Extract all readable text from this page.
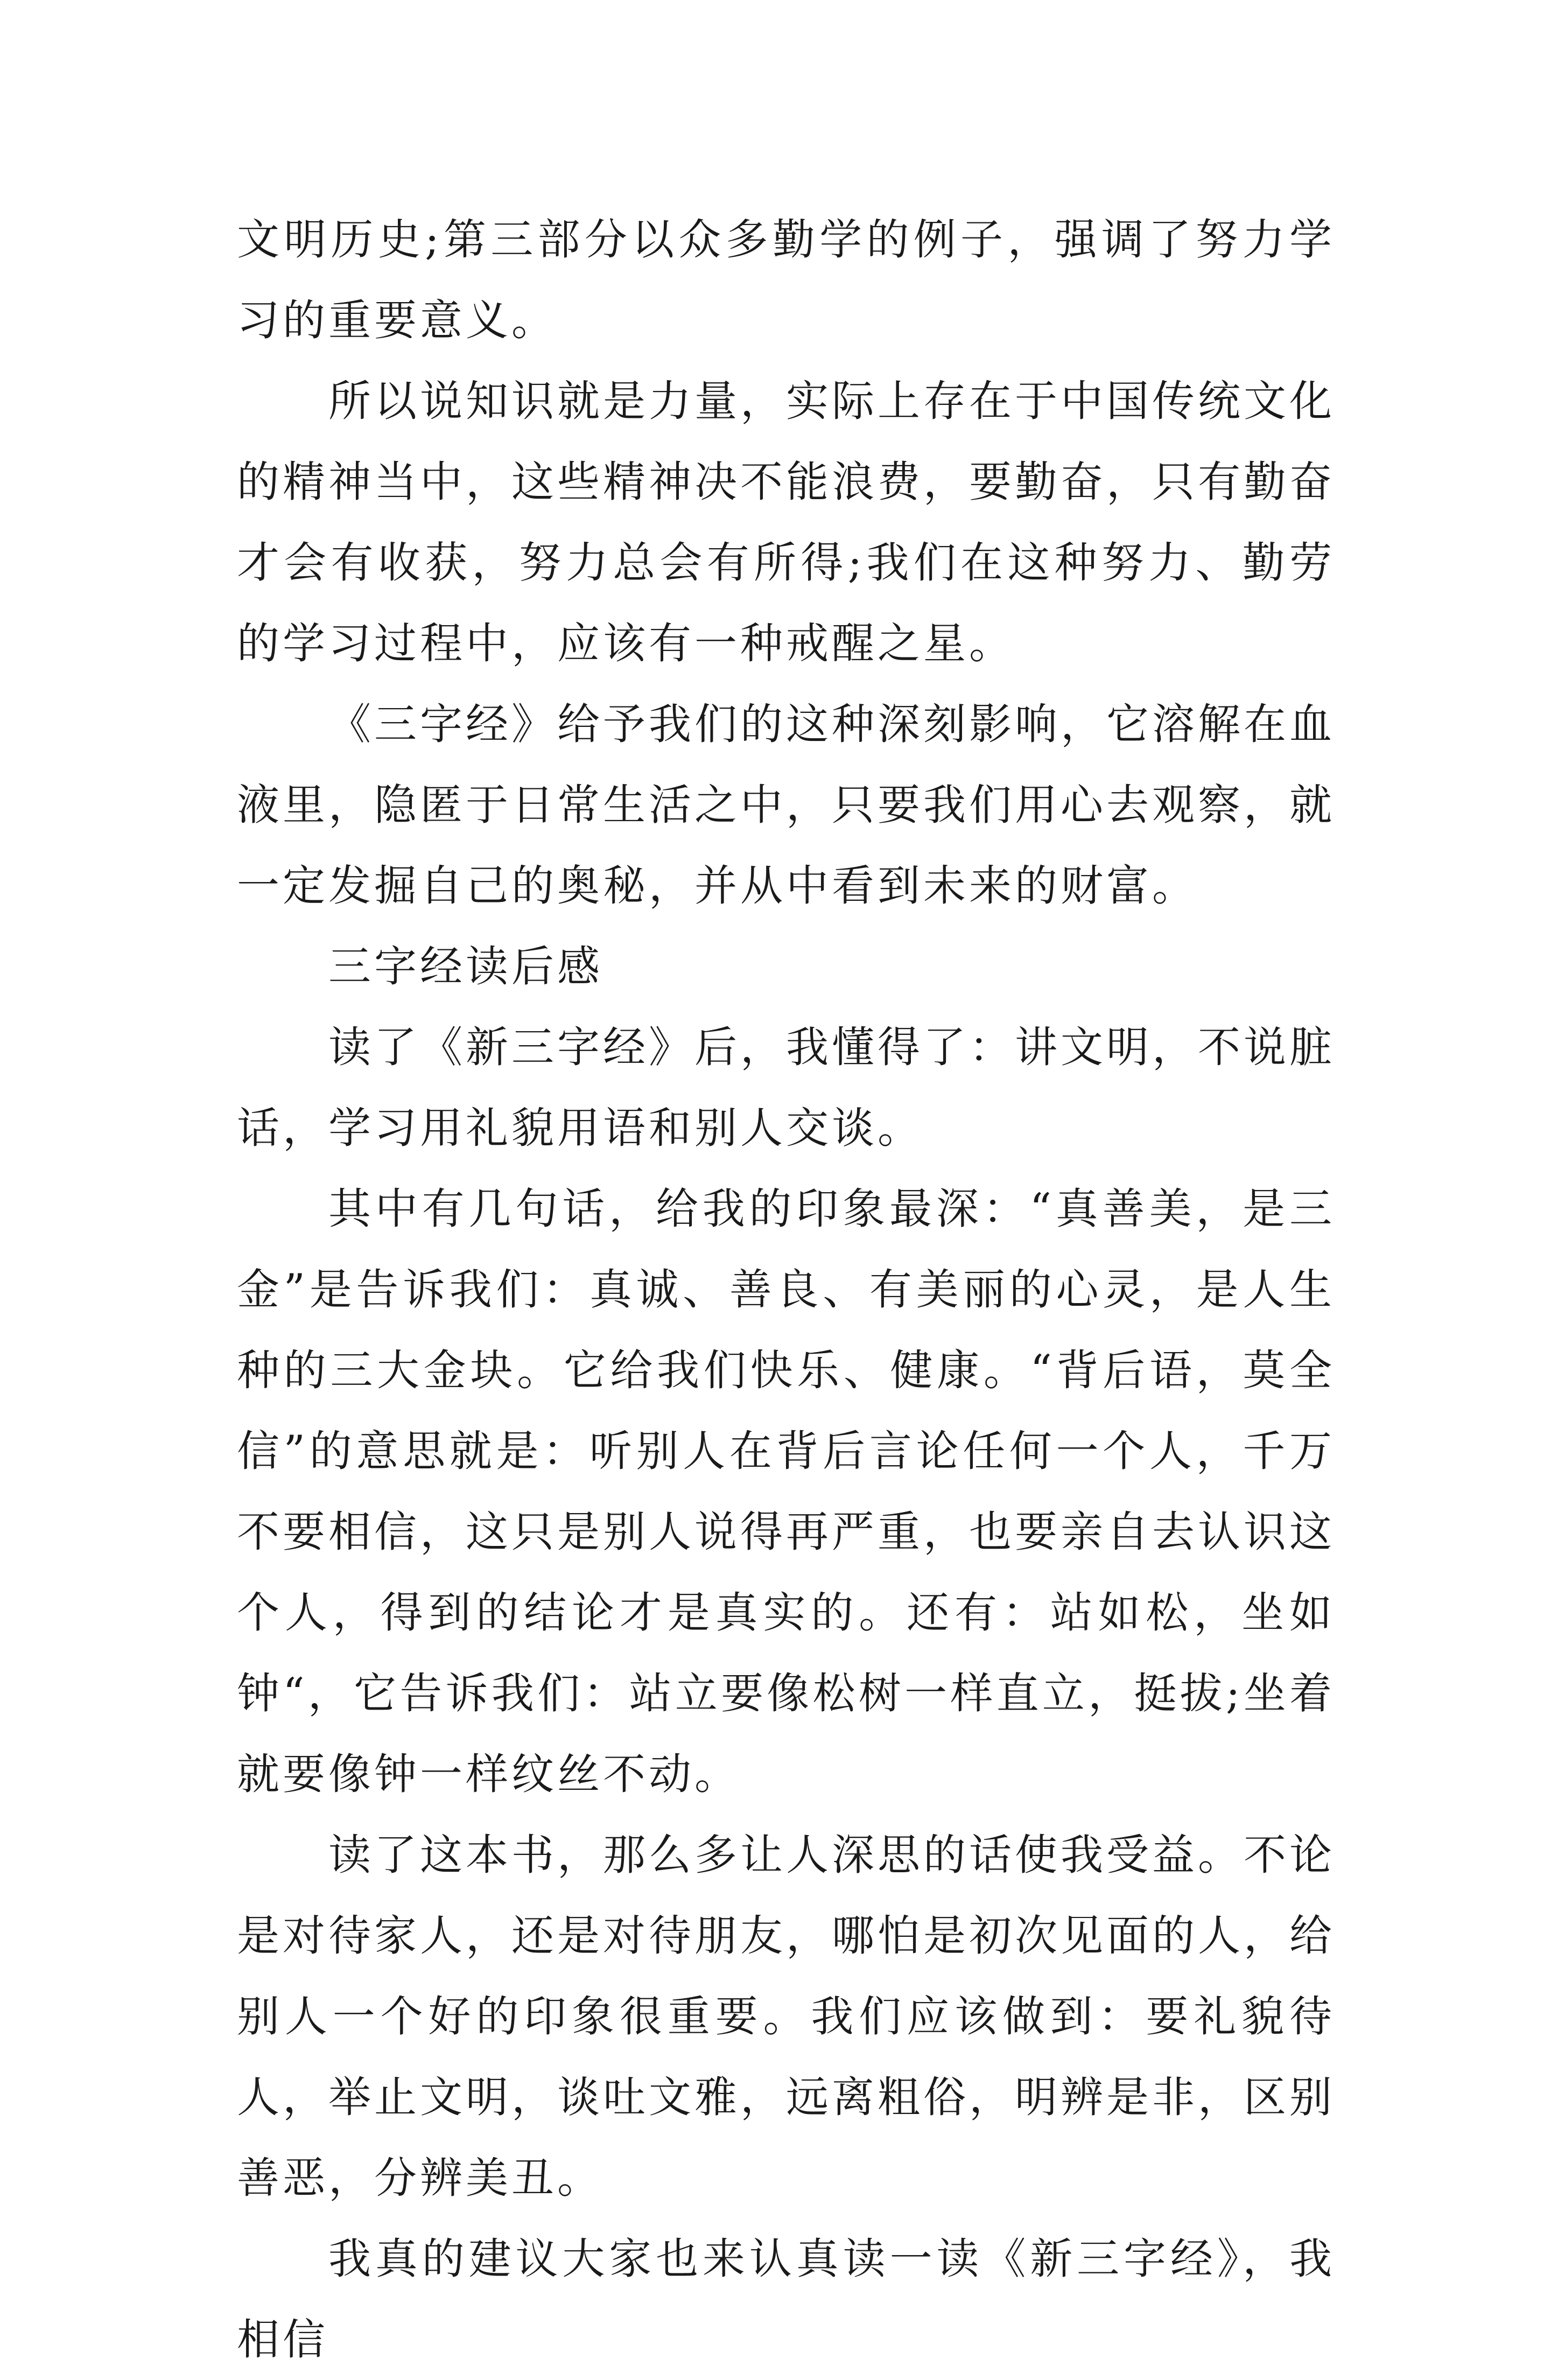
文明历史;第三部分以众多勤学的例子，强调了努力学习的重要意义。

所以说知识就是力量，实际上存在于中国传统文化的精神当中，这些精神决不能浪费，要勤奋，只有勤奋才会有收获，努力总会有所得;我们在这种努力、勤劳的学习过程中，应该有一种戒醒之星。

《三字经》给予我们的这种深刻影响，它溶解在血液里，隐匿于日常生活之中，只要我们用心去观察，就一定发掘自己的奥秘，并从中看到未来的财富。

三字经读后感

读了《新三字经》后，我懂得了：讲文明，不说脏话，学习用礼貌用语和别人交谈。

其中有几句话，给我的印象最深：“真善美，是三金”是告诉我们：真诚、善良、有美丽的心灵，是人生种的三大金块。它给我们快乐、健康。“背后语，莫全信”的意思就是：听别人在背后言论任何一个人，千万不要相信，这只是别人说得再严重，也要亲自去认识这个人，得到的结论才是真实的。还有：站如松，坐如钟“，它告诉我们：站立要像松树一样直立，挺拔;坐着就要像钟一样纹丝不动。

读了这本书，那么多让人深思的话使我受益。不论是对待家人，还是对待朋友，哪怕是初次见面的人，给别人一个好的印象很重要。我们应该做到：要礼貌待人，举止文明，谈吐文雅，远离粗俗，明辨是非，区别善恶，分辨美丑。

我真的建议大家也来认真读一读《新三字经》，我相信
